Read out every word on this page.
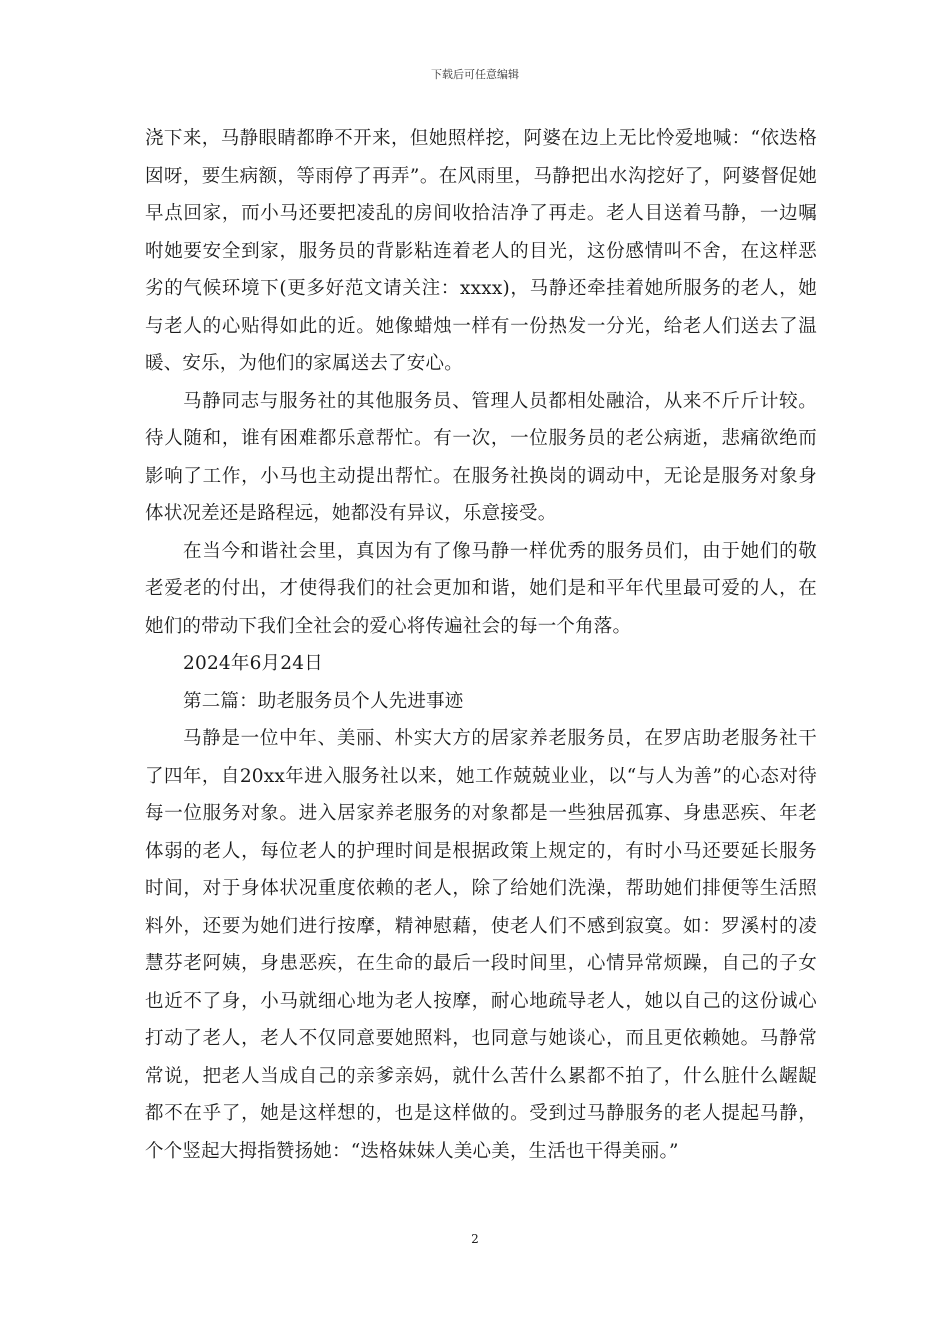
下载后可任意编辑

浇下来，马静眼睛都睁不开来，但她照样挖，阿婆在边上无比怜爱地喊：“依迭格囡呀，要生病额，等雨停了再弄”。在风雨里，马静把出水沟挖好了，阿婆督促她早点回家，而小马还要把凌乱的房间收拾洁净了再走。老人目送着马静，一边嘱咐她要安全到家，服务员的背影粘连着老人的目光，这份感情叫不舍，在这样恶劣的气候环境下(更多好范文请关注：xxxx)，马静还牵挂着她所服务的老人，她与老人的心贴得如此的近。她像蜡烛一样有一份热发一分光，给老人们送去了温暖、安乐，为他们的家属送去了安心。

马静同志与服务社的其他服务员、管理人员都相处融洽，从来不斤斤计较。待人随和，谁有困难都乐意帮忙。有一次，一位服务员的老公病逝，悲痛欲绝而影响了工作，小马也主动提出帮忙。在服务社换岗的调动中，无论是服务对象身体状况差还是路程远，她都没有异议，乐意接受。

在当今和谐社会里，真因为有了像马静一样优秀的服务员们，由于她们的敬老爱老的付出，才使得我们的社会更加和谐，她们是和平年代里最可爱的人，在她们的带动下我们全社会的爱心将传遍社会的每一个角落。

2024年6月24日

第二篇：助老服务员个人先进事迹

马静是一位中年、美丽、朴实大方的居家养老服务员，在罗店助老服务社干了四年，自20xx年进入服务社以来，她工作兢兢业业，以“与人为善”的心态对待每一位服务对象。进入居家养老服务的对象都是一些独居孤寡、身患恶疾、年老体弱的老人，每位老人的护理时间是根据政策上规定的，有时小马还要延长服务时间，对于身体状况重度依赖的老人，除了给她们洗澡，帮助她们排便等生活照料外，还要为她们进行按摩，精神慰藉，使老人们不感到寂寞。如：罗溪村的凌慧芬老阿姨，身患恶疾，在生命的最后一段时间里，心情异常烦躁，自己的子女也近不了身，小马就细心地为老人按摩，耐心地疏导老人，她以自己的这份诚心打动了老人，老人不仅同意要她照料，也同意与她谈心，而且更依赖她。马静常常说，把老人当成自己的亲爹亲妈，就什么苦什么累都不拍了，什么脏什么龌龊都不在乎了，她是这样想的，也是这样做的。受到过马静服务的老人提起马静，个个竖起大拇指赞扬她：“迭格妹妹人美心美，生活也干得美丽。”

2
